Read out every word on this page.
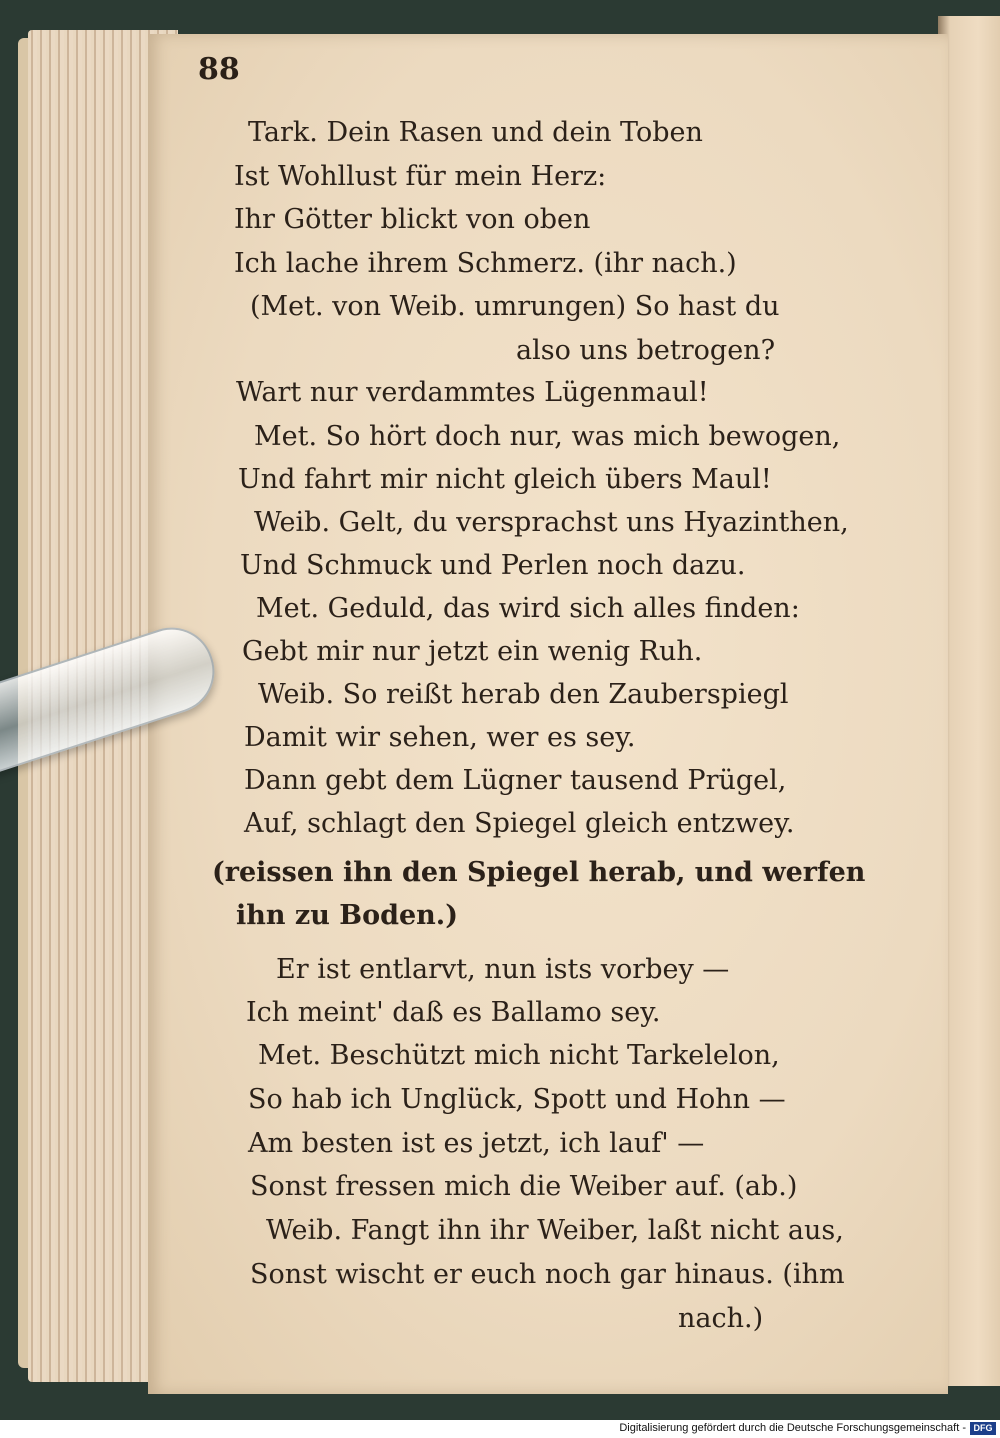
88
Tark. Dein Rasen und dein Toben
Ist Wohllust für mein Herz:
Ihr Götter blickt von oben
Ich lache ihrem Schmerz. (ihr nach.)
(Met. von Weib. umrungen) So hast du
also uns betrogen?
Wart nur verdammtes Lügenmaul!
Met. So hört doch nur, was mich bewogen,
Und fahrt mir nicht gleich übers Maul!
Weib. Gelt, du versprachst uns Hyazinthen,
Und Schmuck und Perlen noch dazu.
Met. Geduld, das wird sich alles finden:
Gebt mir nur jetzt ein wenig Ruh.
Weib. So reißt herab den Zauberspiegl
Damit wir sehen, wer es sey.
Dann gebt dem Lügner tausend Prügel,
Auf, schlagt den Spiegel gleich entzwey.
(reissen ihn den Spiegel herab, und werfen
ihn zu Boden.)
Er ist entlarvt, nun ists vorbey —
Ich meint' daß es Ballamo sey.
Met. Beschützt mich nicht Tarkelelon,
So hab ich Unglück, Spott und Hohn —
Am besten ist es jetzt, ich lauf' —
Sonst fressen mich die Weiber auf. (ab.)
Weib. Fangt ihn ihr Weiber, laßt nicht aus,
Sonst wischt er euch noch gar hinaus. (ihm
nach.)
Digitalisierung gefördert durch die Deutsche Forschungsgemeinschaft - DFG
